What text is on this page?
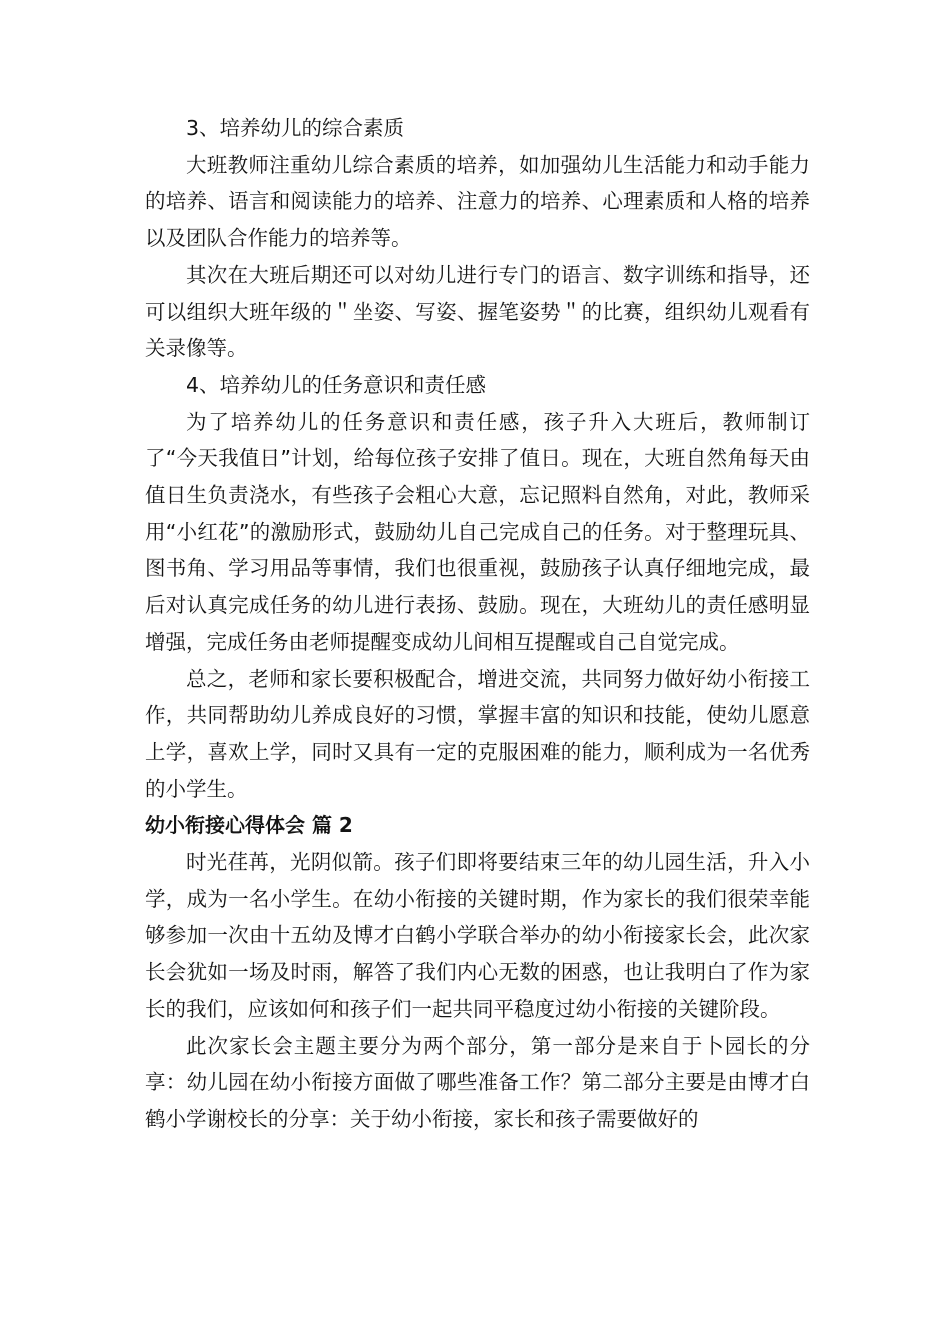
3、培养幼儿的综合素质

大班教师注重幼儿综合素质的培养，如加强幼儿生活能力和动手能力的培养、语言和阅读能力的培养、注意力的培养、心理素质和人格的培养以及团队合作能力的培养等。

其次在大班后期还可以对幼儿进行专门的语言、数字训练和指导，还可以组织大班年级的＂坐姿、写姿、握笔姿势＂的比赛，组织幼儿观看有关录像等。

4、培养幼儿的任务意识和责任感

为了培养幼儿的任务意识和责任感，孩子升入大班后，教师制订了“今天我值日”计划，给每位孩子安排了值日。现在，大班自然角每天由值日生负责浇水，有些孩子会粗心大意，忘记照料自然角，对此，教师采用“小红花”的激励形式，鼓励幼儿自己完成自己的任务。对于整理玩具、图书角、学习用品等事情，我们也很重视，鼓励孩子认真仔细地完成，最后对认真完成任务的幼儿进行表扬、鼓励。现在，大班幼儿的责任感明显增强，完成任务由老师提醒变成幼儿间相互提醒或自己自觉完成。

总之，老师和家长要积极配合，增进交流，共同努力做好幼小衔接工作，共同帮助幼儿养成良好的习惯，掌握丰富的知识和技能，使幼儿愿意上学，喜欢上学，同时又具有一定的克服困难的能力，顺利成为一名优秀的小学生。

幼小衔接心得体会 篇 2

时光荏苒，光阴似箭。孩子们即将要结束三年的幼儿园生活，升入小学，成为一名小学生。在幼小衔接的关键时期，作为家长的我们很荣幸能够参加一次由十五幼及博才白鹤小学联合举办的幼小衔接家长会，此次家长会犹如一场及时雨，解答了我们内心无数的困惑，也让我明白了作为家长的我们，应该如何和孩子们一起共同平稳度过幼小衔接的关键阶段。

此次家长会主题主要分为两个部分，第一部分是来自于卜园长的分享：幼儿园在幼小衔接方面做了哪些准备工作？第二部分主要是由博才白鹤小学谢校长的分享：关于幼小衔接，家长和孩子需要做好的
